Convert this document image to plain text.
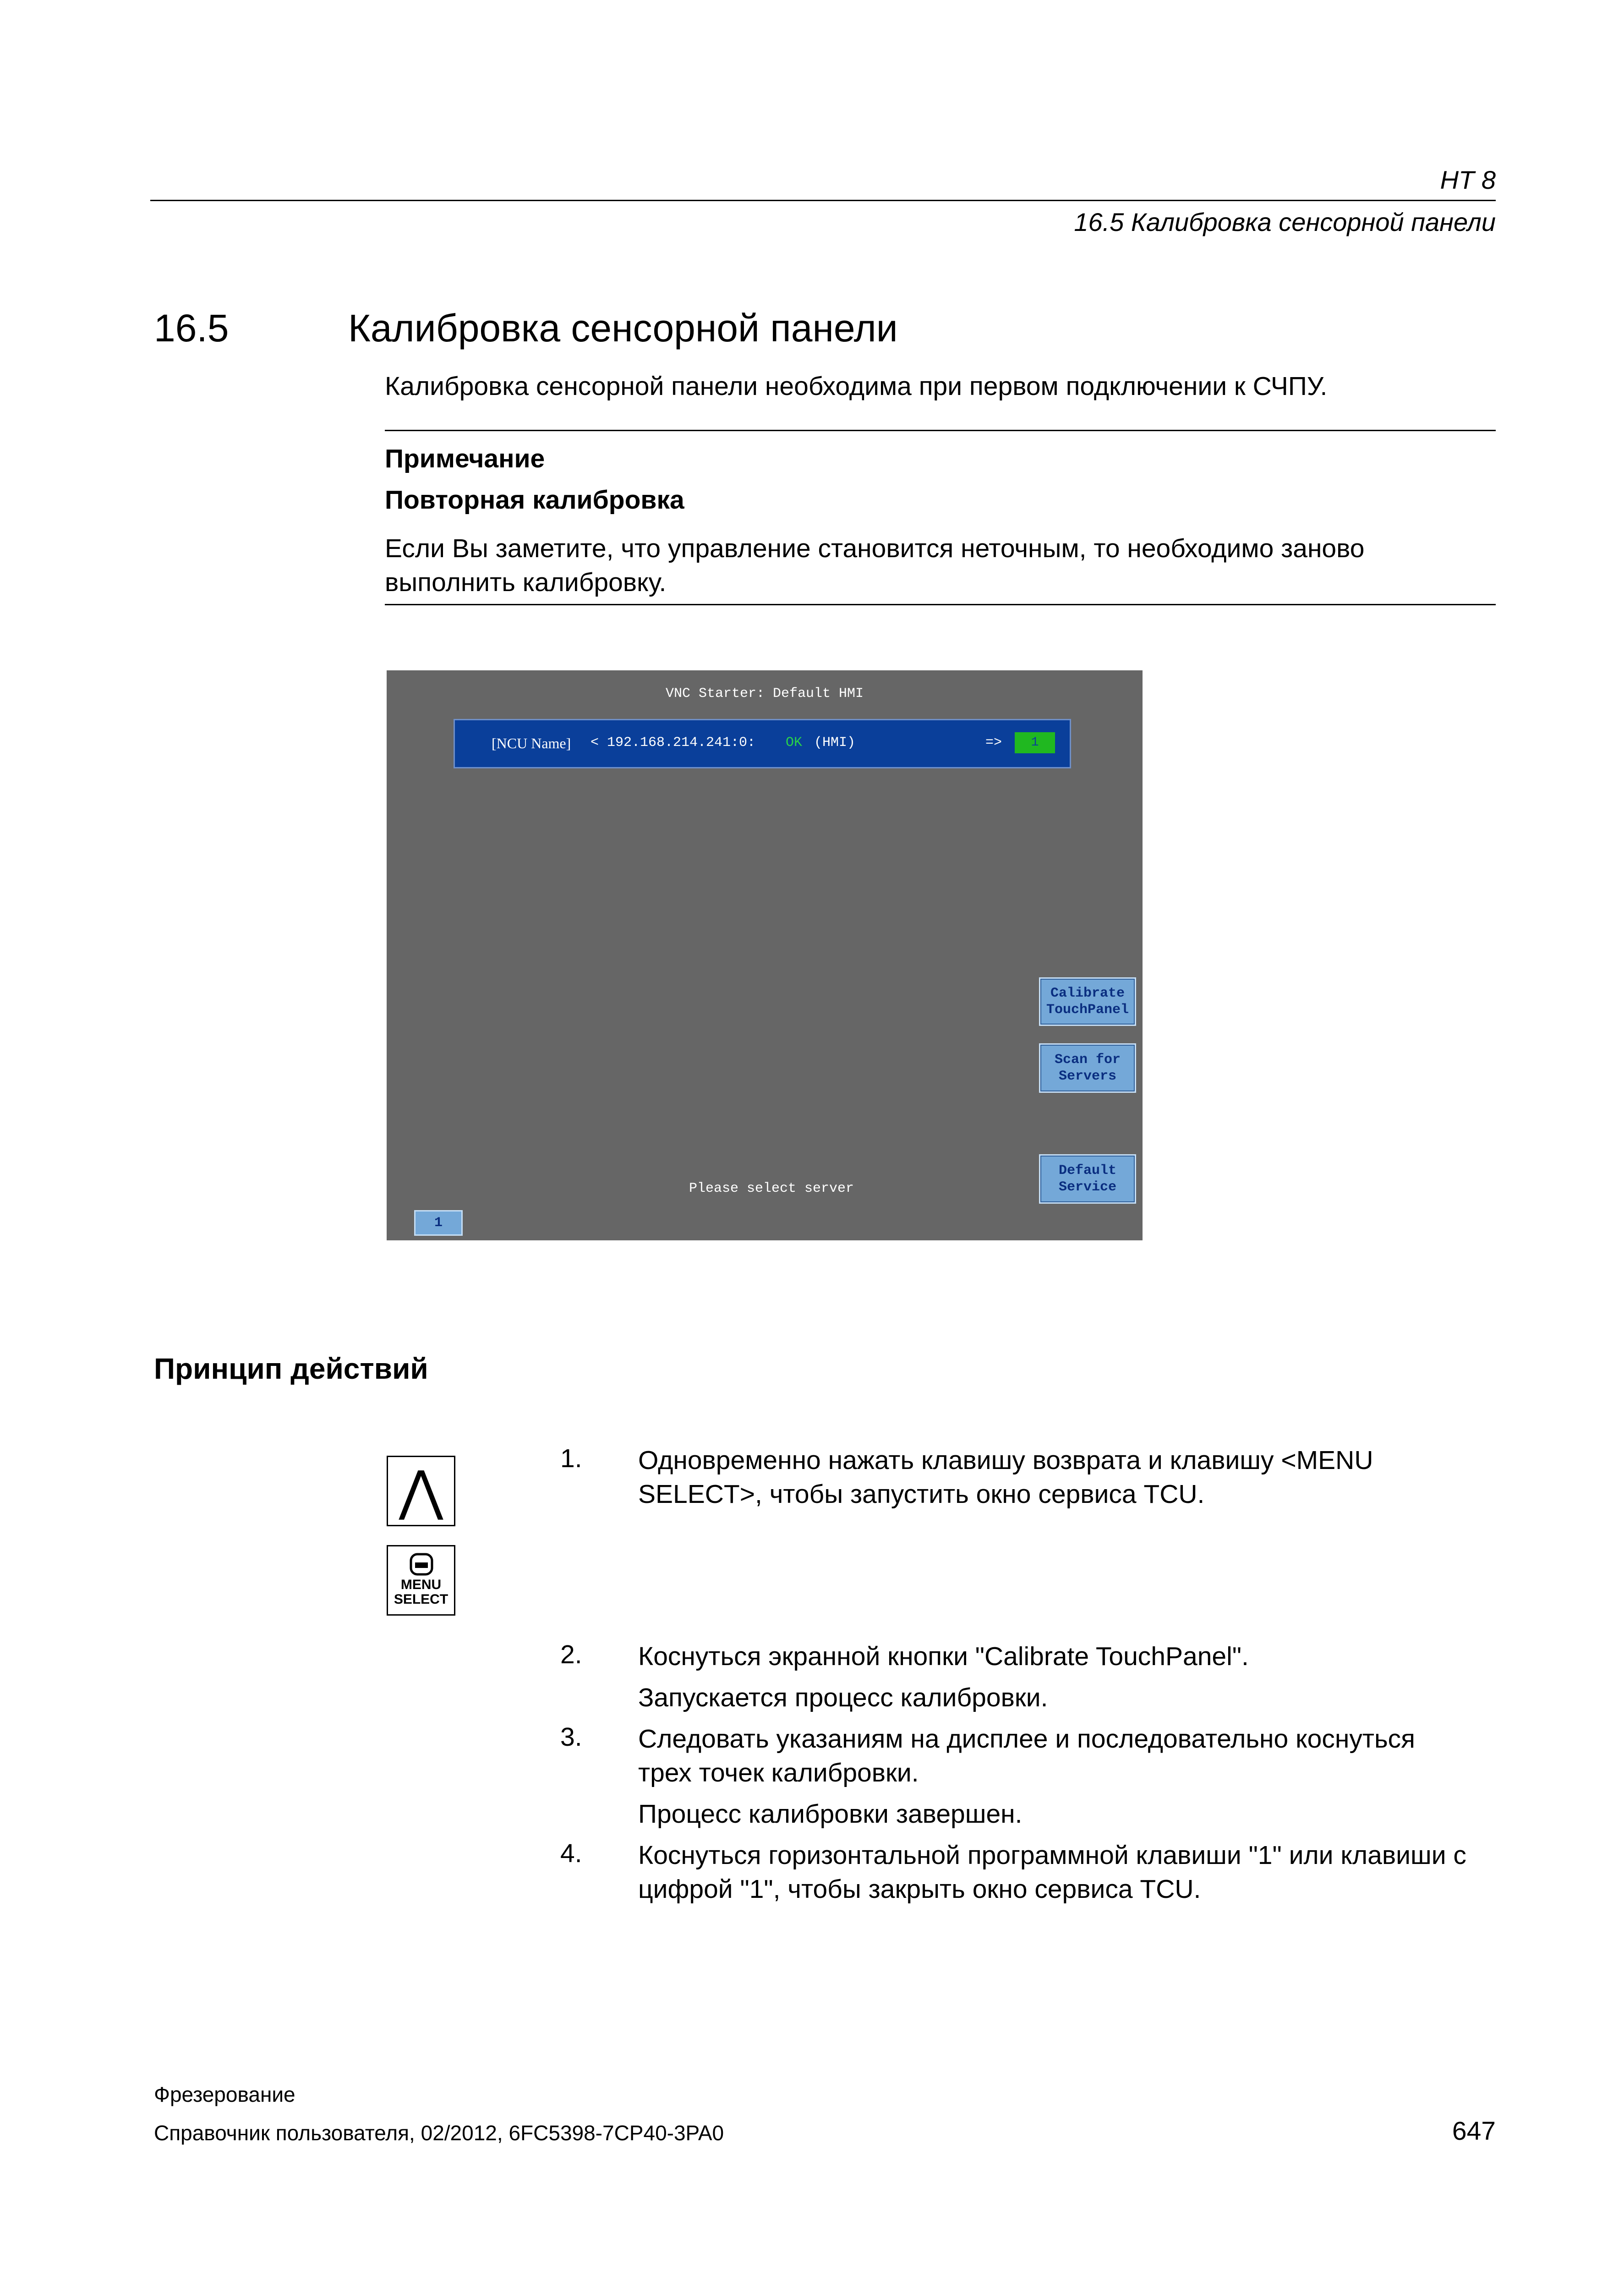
HT 8
16.5 Калибровка сенсорной панели
16.5	Калибровка сенсорной панели
Калибровка сенсорной панели необходима при первом подключении к СЧПУ.
Примечание
Повторная калибровка
Если Вы заметите, что управление становится неточным, то необходимо заново выполнить калибровку.
VNC Starter: Default HMI
[NCU Name] < 192.168.214.241:0: OK (HMI)	=>	1
Calibrate
TouchPanel
Scan for
Servers
Default
Service
Please select server
1
Принцип действий
⋀
MENU
SELECT
1. Одновременно нажать клавишу возврата и клавишу <MENU
SELECT>, чтобы запустить окно сервиса TCU.
2. Коснуться экранной кнопки "Calibrate TouchPanel".
Запускается процесс калибровки.
3. Следовать указаниям на дисплее и последовательно коснуться
трех точек калибровки.
Процесс калибровки завершен.
4. Коснуться горизонтальной программной клавиши "1" или клавиши с
цифрой "1", чтобы закрыть окно сервиса TCU.
Фрезерование
Справочник пользователя, 02/2012, 6FC5398-7CP40-3PA0	647
